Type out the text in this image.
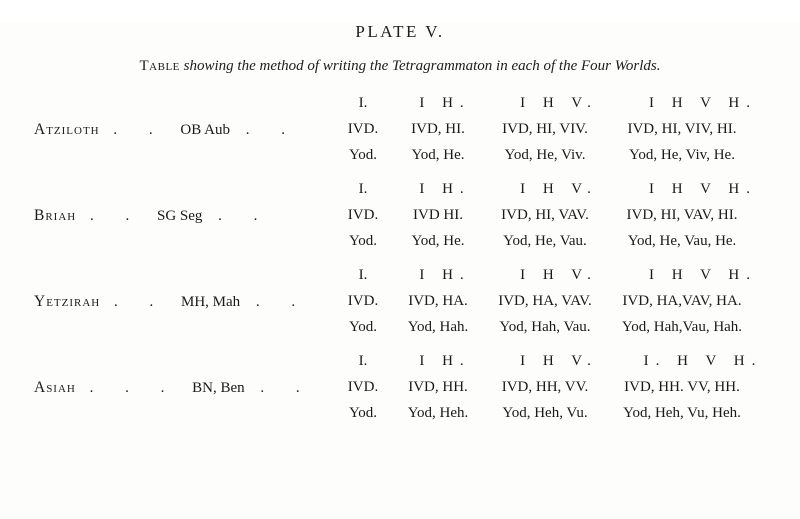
PLATE V.
Table showing the method of writing the Tetragrammaton in each of the Four Worlds.
Atziloth . . OB Aub . .
I.	I H.	I H V.	I H V H.
IVD.	IVD, HI.	IVD, HI, VIV.	IVD, HI, VIV, HI.
Yod.	Yod, He.	Yod, He, Viv.	Yod, He, Viv, He.
Briah . . SG Seg . .
I.	I H.	I H V.	I H V H.
IVD.	IVD HI.	IVD, HI, VAV.	IVD, HI, VAV, HI.
Yod.	Yod, He.	Yod, He, Vau.	Yod, He, Vau, He.
Yetzirah . . MH, Mah . .
I.	I H.	I H V.	I H V H.
IVD.	IVD, HA.	IVD, HA, VAV.	IVD, HA,VAV, HA.
Yod.	Yod, Hah.	Yod, Hah, Vau.	Yod, Hah,Vau, Hah.
Asiah . . . BN, Ben . .
I.	I H.	I H V.	I. H V H.
IVD.	IVD, HH.	IVD, HH, VV.	IVD, HH. VV, HH.
Yod.	Yod, Heh.	Yod, Heh, Vu.	Yod, Heh, Vu, Heh.
